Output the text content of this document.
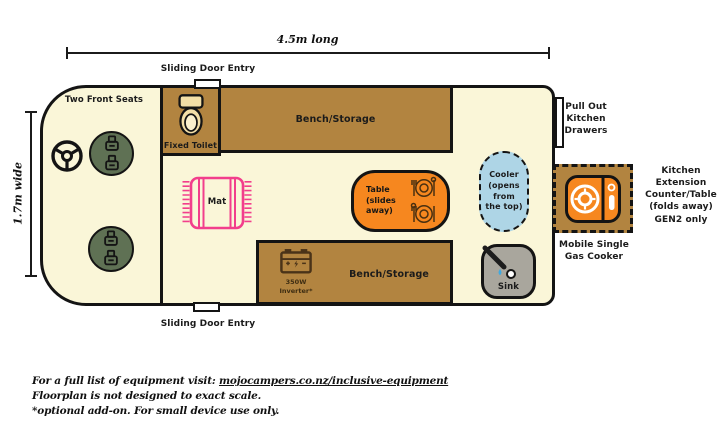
4.5m long
1.7m wide
Sliding Door Entry
Sliding Door Entry
Two Front Seats
Fixed Toilet
Bench/Storage
Mat
Table
(slides
away)
Cooler
(opens
from
the top)
Sink
350W
Inverter*
Bench/Storage
Pull Out
Kitchen
Drawers
Mobile Single
Gas Cooker
Kitchen
Extension
Counter/Table
(folds away)
GEN2 only
For a full list of equipment visit: mojocampers.co.nz/inclusive-equipment
Floorplan is not designed to exact scale.
*optional add-on. For small device use only.
